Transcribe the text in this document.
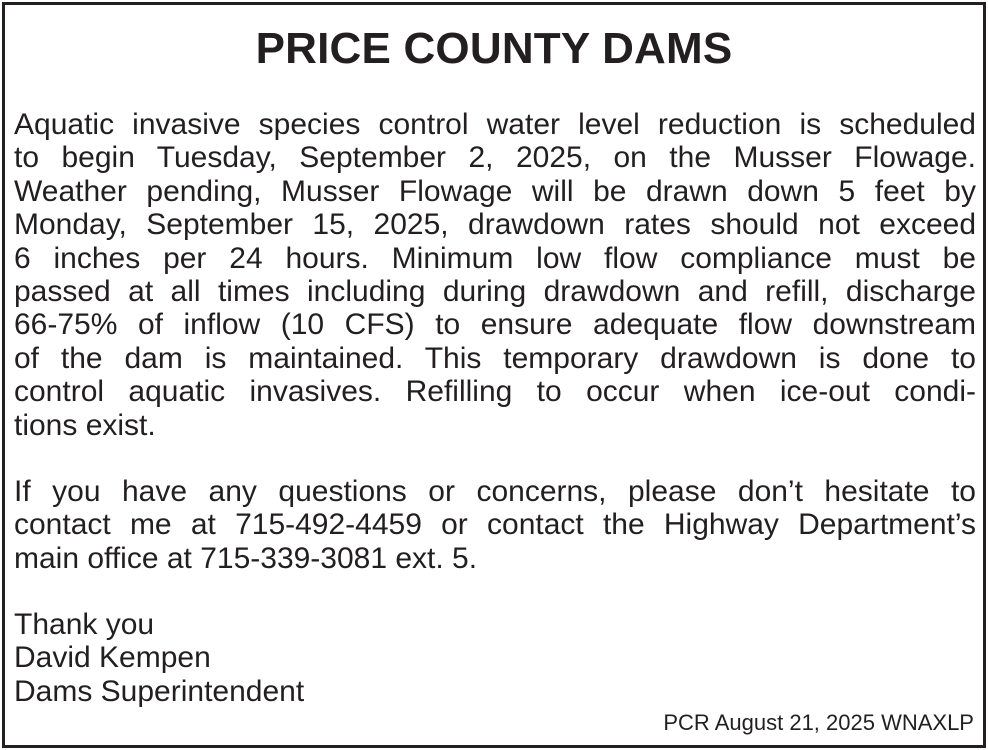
PRICE COUNTY DAMS

Aquatic invasive species control water level reduction is scheduled
to begin Tuesday, September 2, 2025, on the Musser Flowage.
Weather pending, Musser Flowage will be drawn down 5 feet by
Monday, September 15, 2025, drawdown rates should not exceed
6 inches per 24 hours. Minimum low flow compliance must be
passed at all times including during drawdown and refill, discharge
66-75% of inflow (10 CFS) to ensure adequate flow downstream
of the dam is maintained. This temporary drawdown is done to
control aquatic invasives. Refilling to occur when ice-out condi-
tions exist.

If you have any questions or concerns, please don’t hesitate to
contact me at 715-492-4459 or contact the Highway Department’s
main office at 715-339-3081 ext. 5.

Thank you
David Kempen
Dams Superintendent

PCR August 21, 2025 WNAXLP
